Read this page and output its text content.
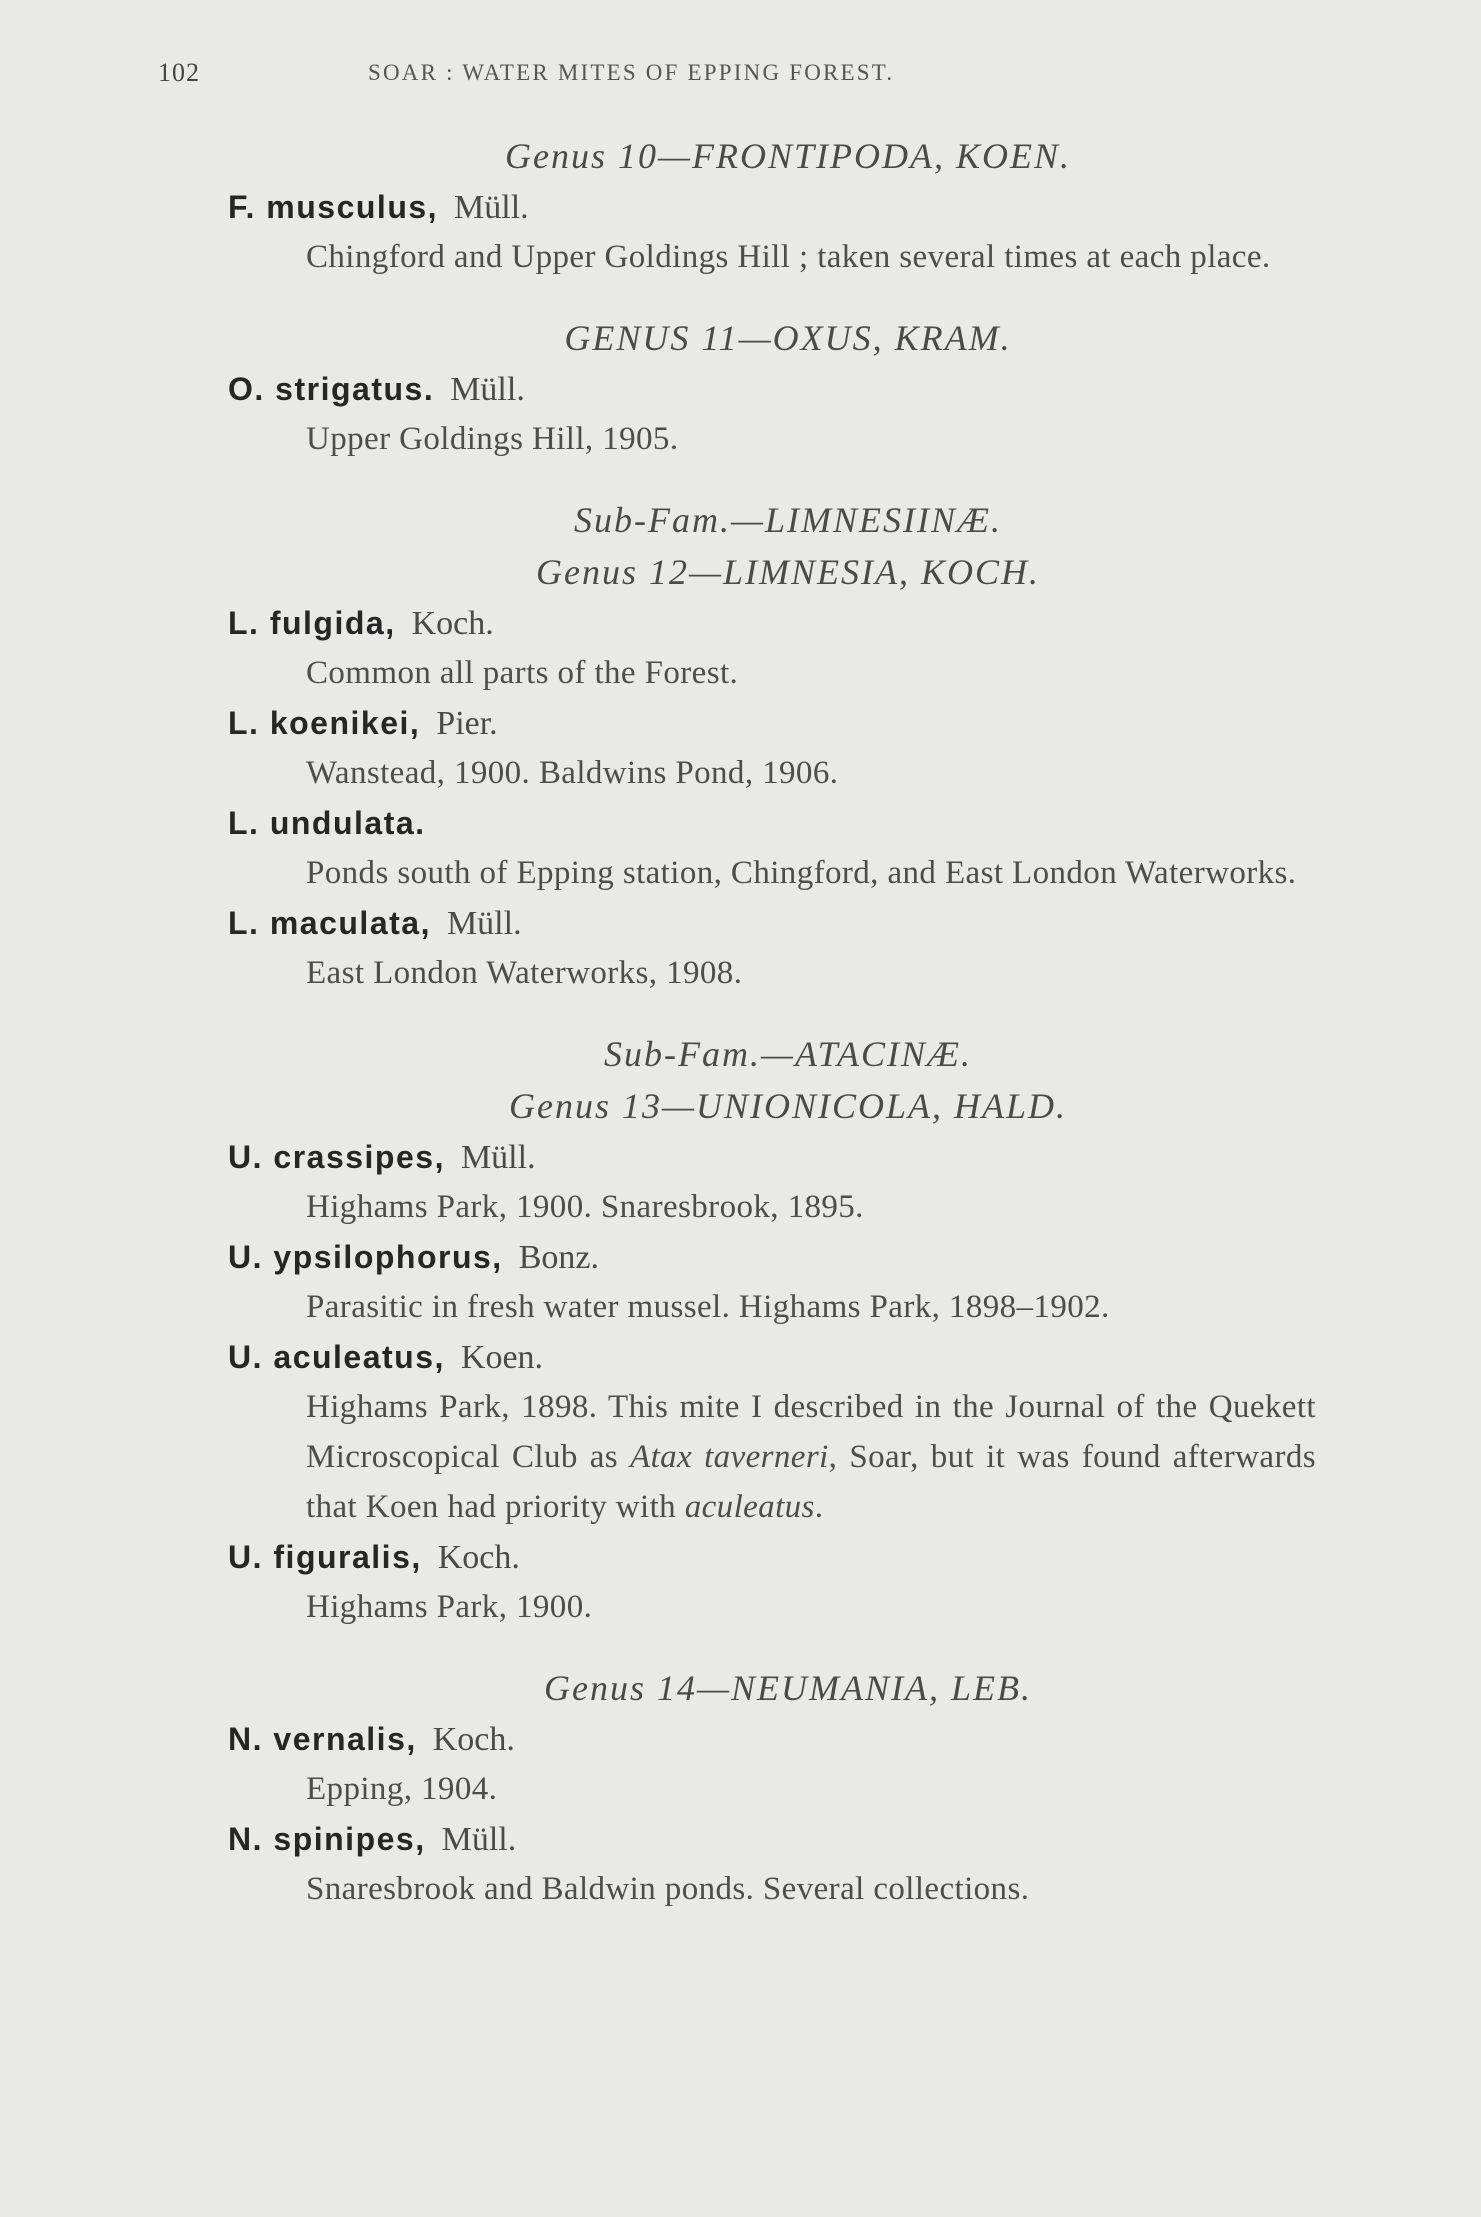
102	SOAR : WATER MITES OF EPPING FOREST.
Genus 10—FRONTIPODA, KOEN.
F. musculus, Müll.
Chingford and Upper Goldings Hill ; taken several times at each place.
GENUS 11—OXUS, KRAM.
O. strigatus. Müll.
Upper Goldings Hill, 1905.
Sub-Fam.—LIMNESIINÆ.
Genus 12—LIMNESIA, KOCH.
L. fulgida, Koch.
Common all parts of the Forest.
L. koenikei, Pier.
Wanstead, 1900. Baldwins Pond, 1906.
L. undulata.
Ponds south of Epping station, Chingford, and East London Waterworks.
L. maculata, Müll.
East London Waterworks, 1908.
Sub-Fam.—ATACINÆ.
Genus 13—UNIONICOLA, HALD.
U. crassipes, Müll.
Highams Park, 1900. Snaresbrook, 1895.
U. ypsilophorus, Bonz.
Parasitic in fresh water mussel. Highams Park, 1898–1902.
U. aculeatus, Koen.
Highams Park, 1898. This mite I described in the Journal of the Quekett Microscopical Club as Atax taverneri, Soar, but it was found afterwards that Koen had priority with aculeatus.
U. figuralis, Koch.
Highams Park, 1900.
Genus 14—NEUMANIA, LEB.
N. vernalis, Koch.
Epping, 1904.
N. spinipes, Müll.
Snaresbrook and Baldwin ponds. Several collections.
